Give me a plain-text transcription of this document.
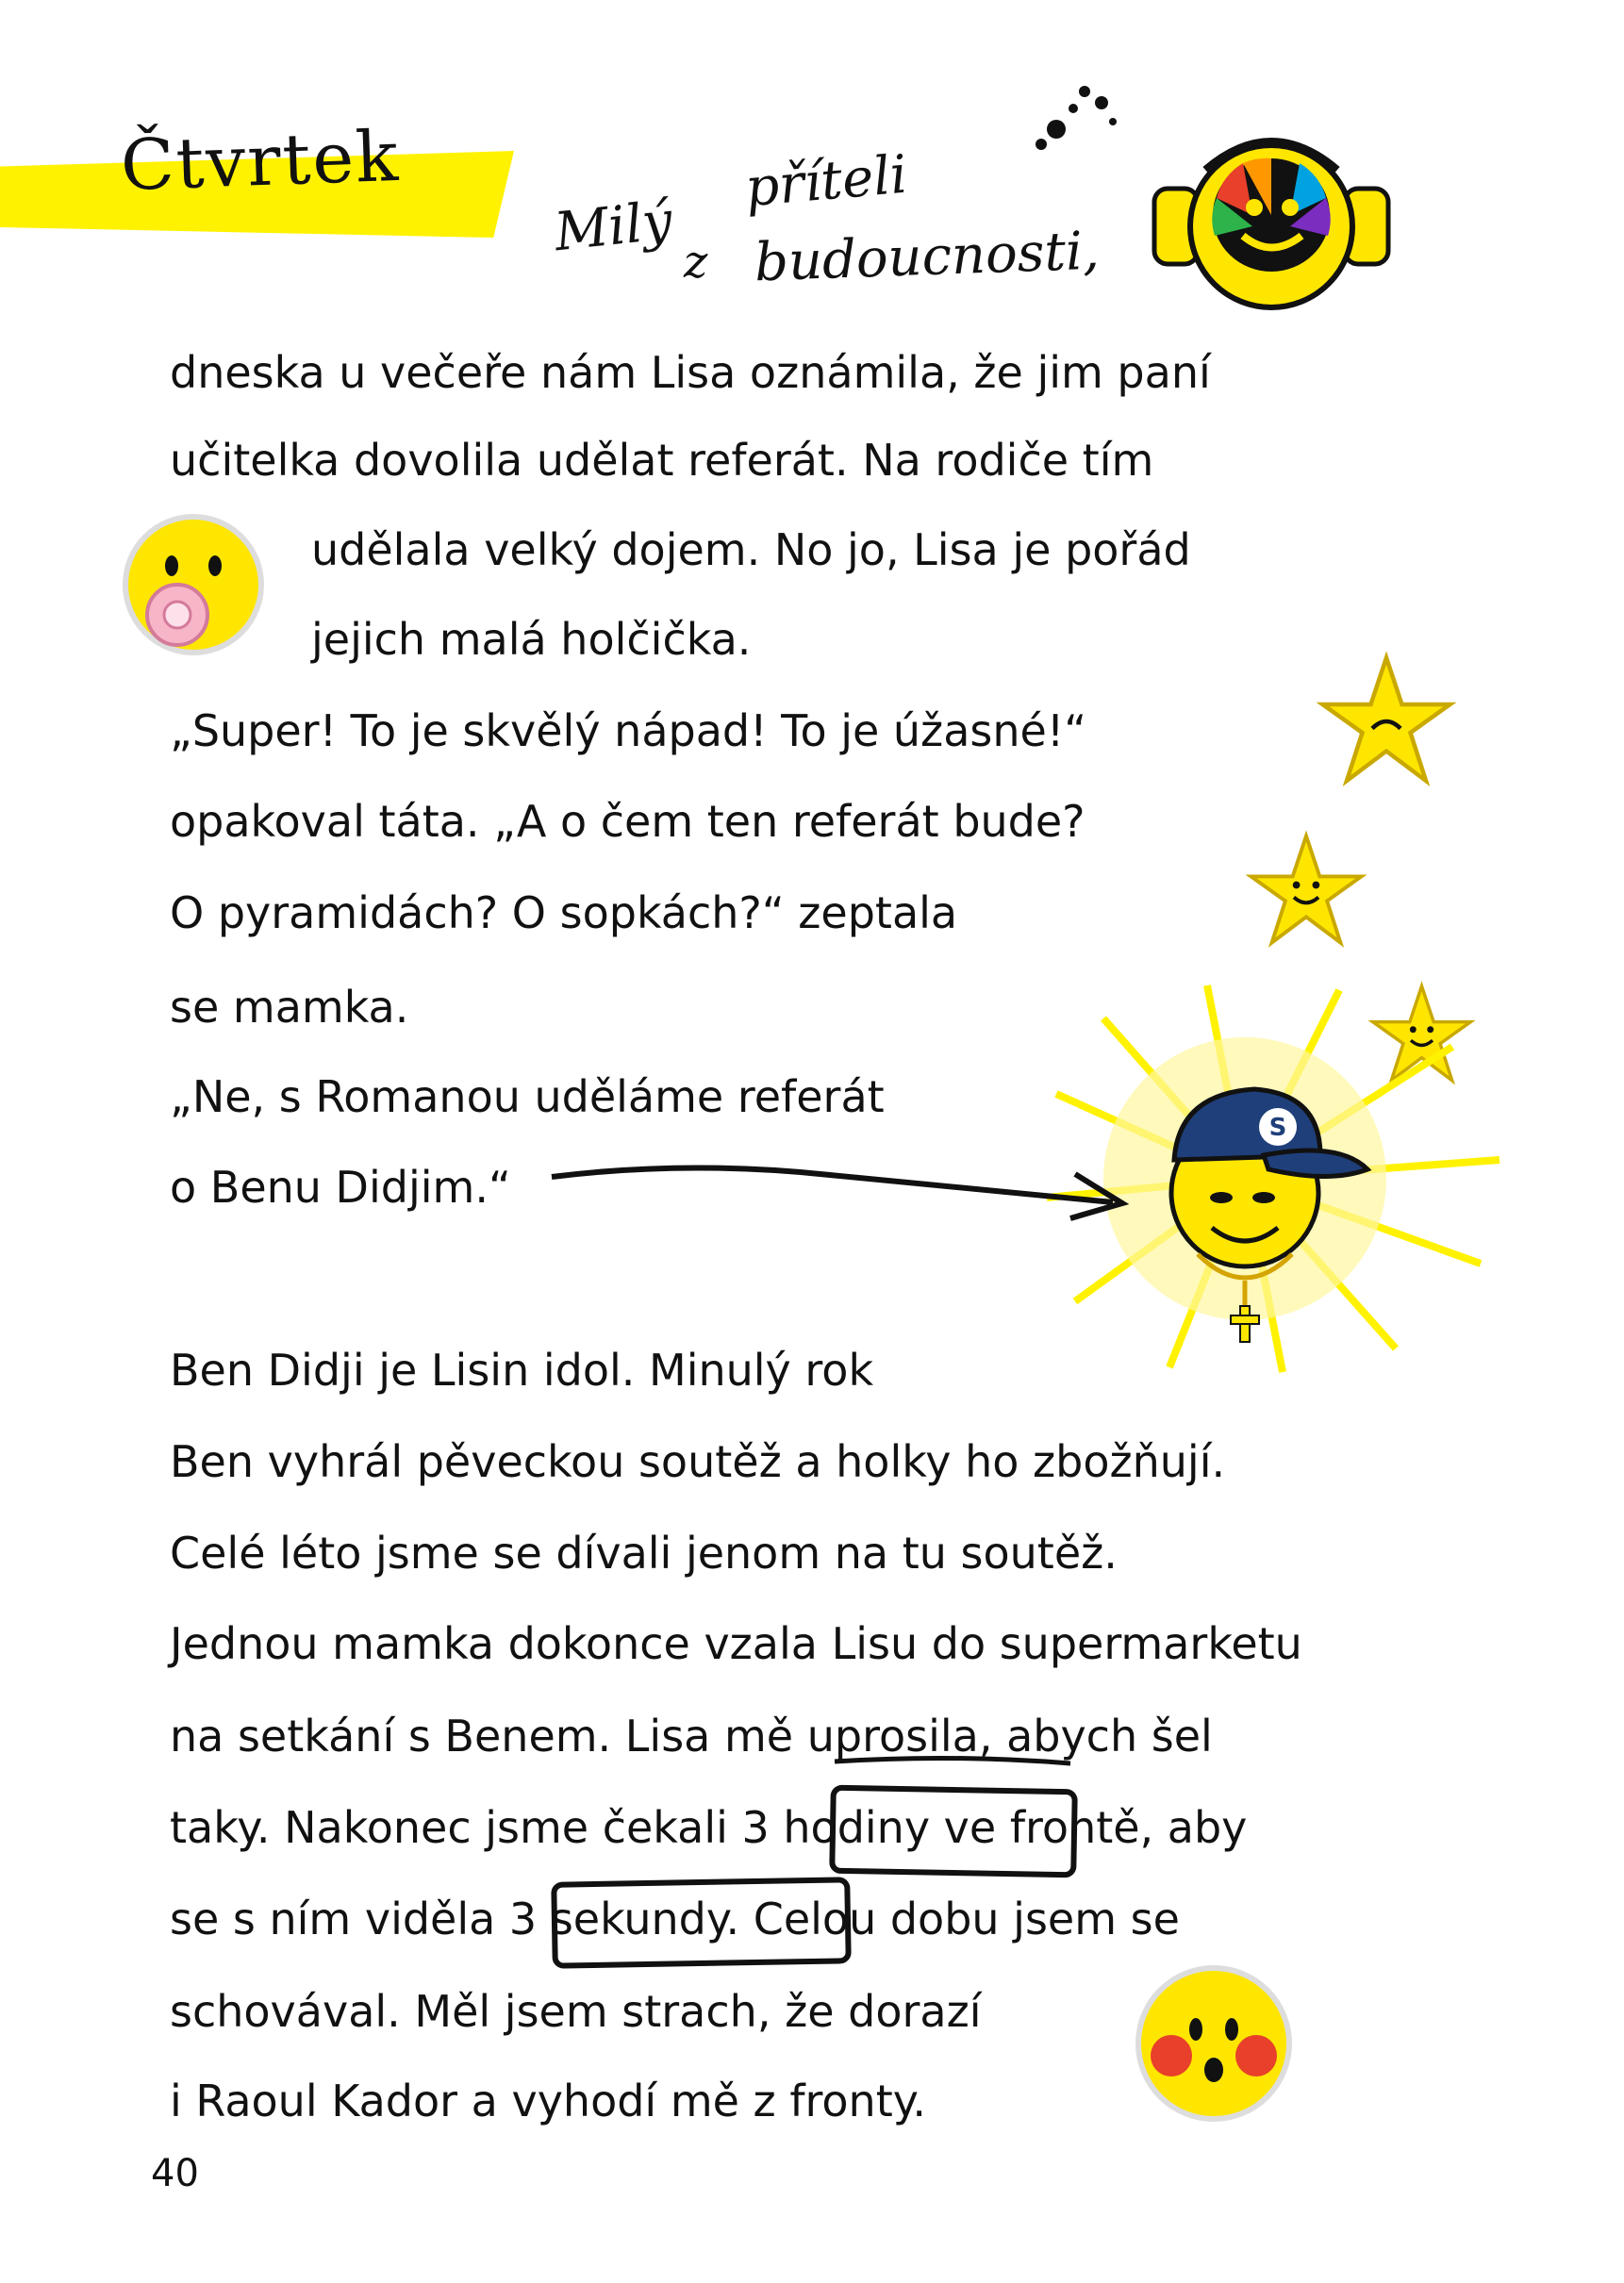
Čtvrtek
Milý
příteli
z budoucnosti,
S
dneska u večeře nám Lisa oznámila, že jim paní
učitelka dovolila udělat referát. Na rodiče tím
udělala velký dojem. No jo, Lisa je pořád
jejich malá holčička.
„Super! To je skvělý nápad! To je úžasné!“
opakoval táta. „A o čem ten referát bude?
O pyramidách? O sopkách?“ zeptala
se mamka.
„Ne, s Romanou uděláme referát
o Benu Didjim.“
Ben Didji je Lisin idol. Minulý rok
Ben vyhrál pěveckou soutěž a holky ho zbožňují.
Celé léto jsme se dívali jenom na tu soutěž.
Jednou mamka dokonce vzala Lisu do supermarketu
na setkání s Benem. Lisa mě uprosila, abych šel
taky. Nakonec jsme čekali 3 hodiny ve frontě, aby
se s ním viděla 3 sekundy. Celou dobu jsem se
schovával. Měl jsem strach, že dorazí
i Raoul Kador a vyhodí mě z fronty.
40
